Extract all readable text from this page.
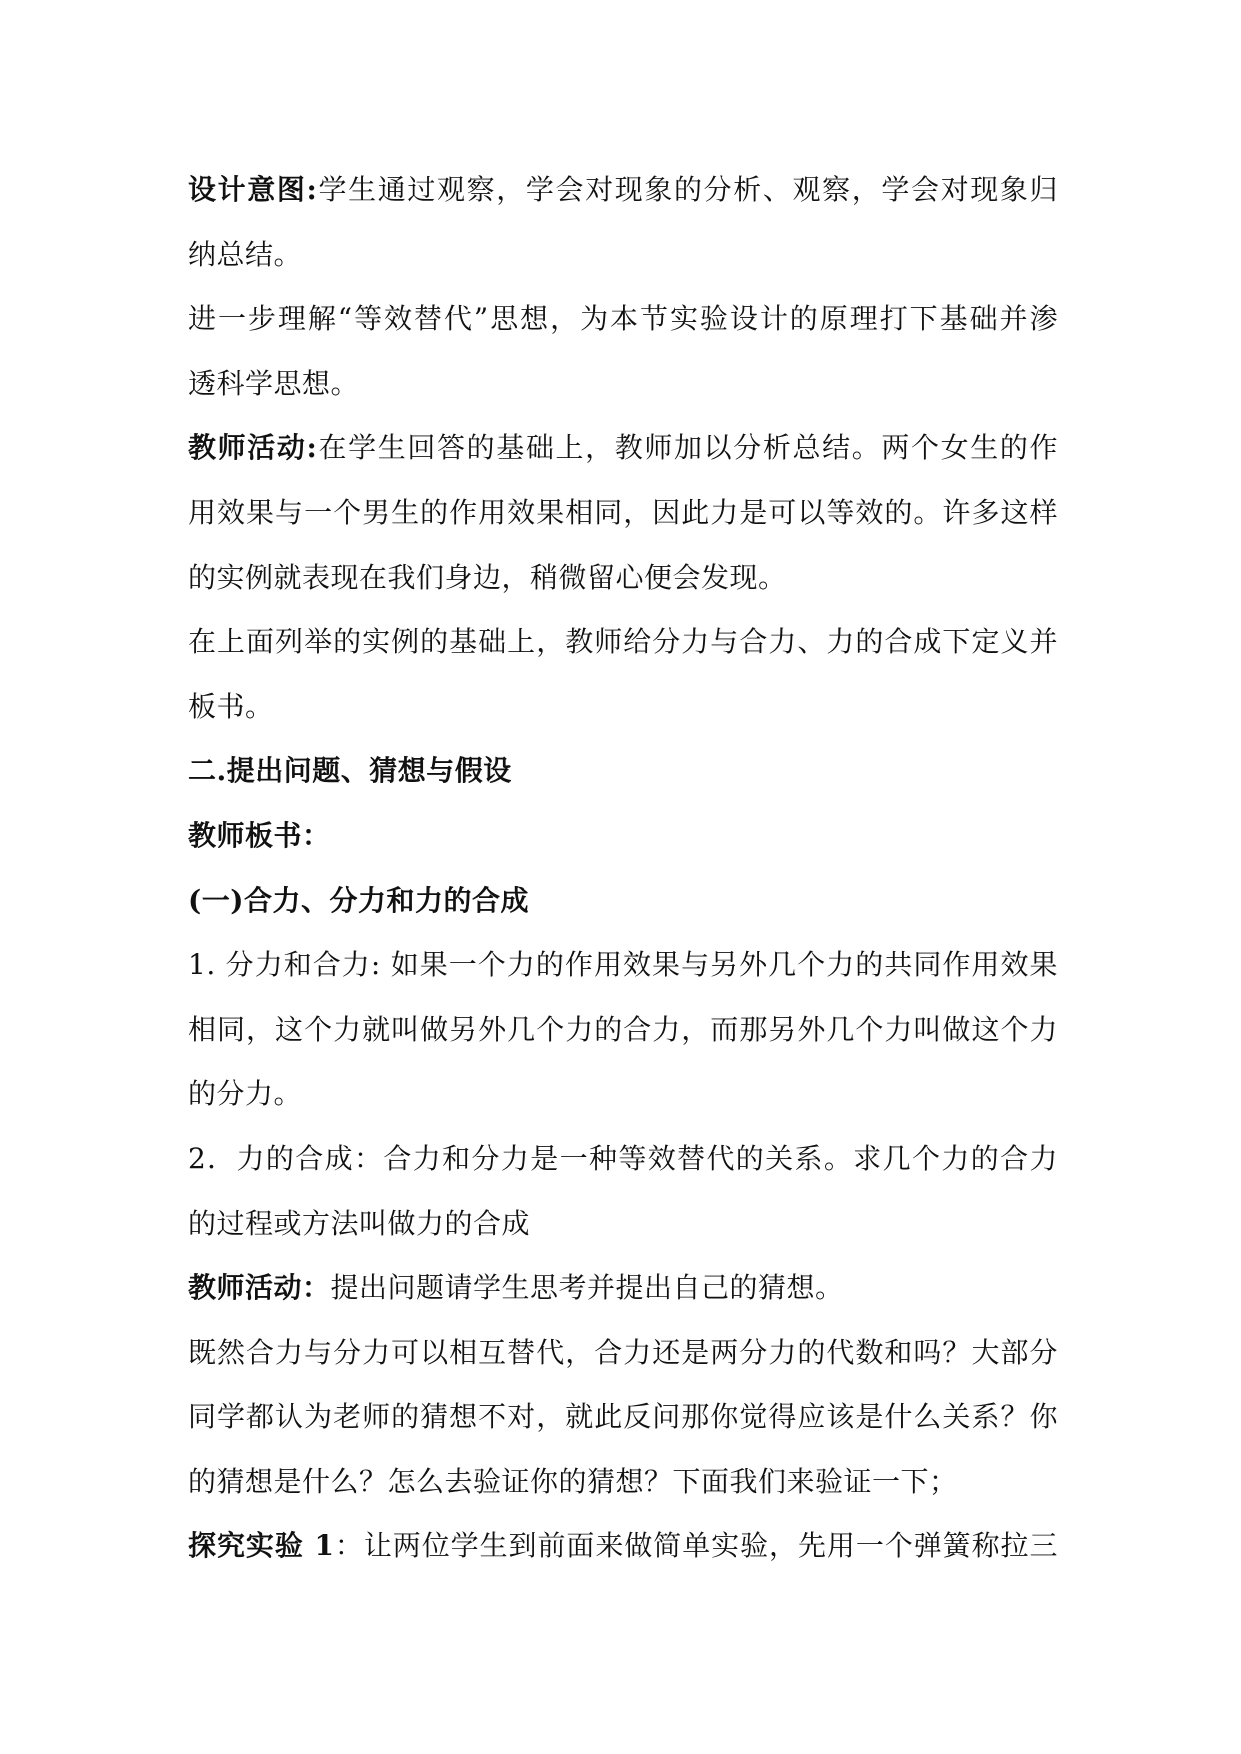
设计意图:学生通过观察，学会对现象的分析、观察，学会对现象归
纳总结。
进一步理解“等效替代”思想，为本节实验设计的原理打下基础并渗
透科学思想。
教师活动:在学生回答的基础上，教师加以分析总结。两个女生的作
用效果与一个男生的作用效果相同，因此力是可以等效的。许多这样
的实例就表现在我们身边，稍微留心便会发现。
在上面列举的实例的基础上，教师给分力与合力、力的合成下定义并
板书。
二.提出问题、猜想与假设
教师板书：
(一)合力、分力和力的合成
1. 分力和合力: 如果一个力的作用效果与另外几个力的共同作用效果
相同，这个力就叫做另外几个力的合力，而那另外几个力叫做这个力
的分力。
2．力的合成：合力和分力是一种等效替代的关系。求几个力的合力
的过程或方法叫做力的合成
教师活动：提出问题请学生思考并提出自己的猜想。
既然合力与分力可以相互替代，合力还是两分力的代数和吗？大部分
同学都认为老师的猜想不对，就此反问那你觉得应该是什么关系？你
的猜想是什么？怎么去验证你的猜想？下面我们来验证一下；
探究实验 1：让两位学生到前面来做简单实验，先用一个弹簧称拉三
